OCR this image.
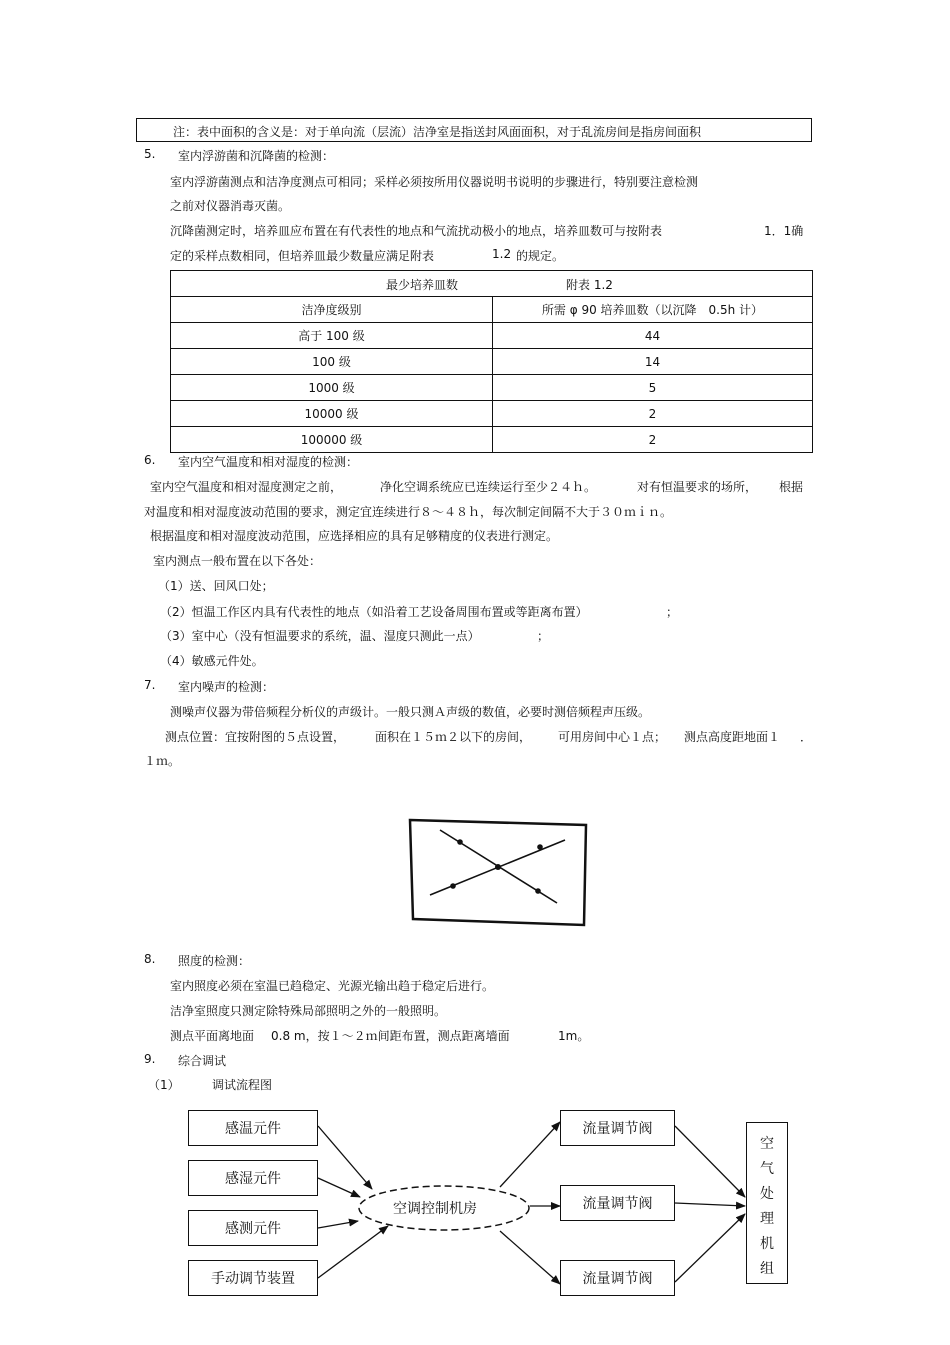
注：表中面积的含义是：对于单向流（层流）洁净室是指送封风面面积，对于乱流房间是指房间面积
5. 室内浮游菌和沉降菌的检测：
室内浮游菌测点和洁净度测点可相同；采样必须按所用仪器说明书说明的步骤进行，特别要注意检测
之前对仪器消毒灭菌。
沉降菌测定时，培养皿应布置在有代表性的地点和气流扰动极小的地点，培养皿数可与按附表	1．1确
定的采样点数相同，但培养皿最少数量应满足附表	1.2 的规定。
最少培养皿数 附表 1.2	

洁净度级别	所需 φ 90 培养皿数（以沉降　0.5h 计）
高于 100 级	44
100 级	14
1000 级	5
10000 级	2
100000 级	2
6. 室内空气温度和相对湿度的检测：
室内空气温度和相对湿度测定之前，	净化空调系统应已连续运行至少２４ｈ。	对有恒温要求的场所， 根据
对温度和相对湿度波动范围的要求，测定宜连续进行８～４８ｈ，每次制定间隔不大于３０ｍｉｎ。
根据温度和相对湿度波动范围，应选择相应的具有足够精度的仪表进行测定。
室内测点一般布置在以下各处：
（1）送、回风口处；
（2）恒温工作区内具有代表性的地点（如沿着工艺设备周围布置或等距离布置）	；
（3）室中心（没有恒温要求的系统，温、湿度只测此一点）	；
（4）敏感元件处。
7. 室内噪声的检测：
测噪声仪器为带倍频程分析仪的声级计。一般只测Ａ声级的数值，必要时测倍频程声压级。
测点位置：宜按附图的５点设置， 面积在１５ｍ２以下的房间， 可用房间中心１点； 测点高度距地面１ ．
１ｍ。
8. 照度的检测：
室内照度必须在室温已趋稳定、光源光输出趋于稳定后进行。
洁净室照度只测定除特殊局部照明之外的一般照明。
测点平面离地面 0.8 m，按１～２ｍ间距布置，测点距离墙面	1m。
9. 综合调试
（1）	调试流程图
感温元件
感湿元件
感测元件
手动调节装置
空调控制机房
流量调节阀
流量调节阀
流量调节阀
空
气
处
理
机
组
